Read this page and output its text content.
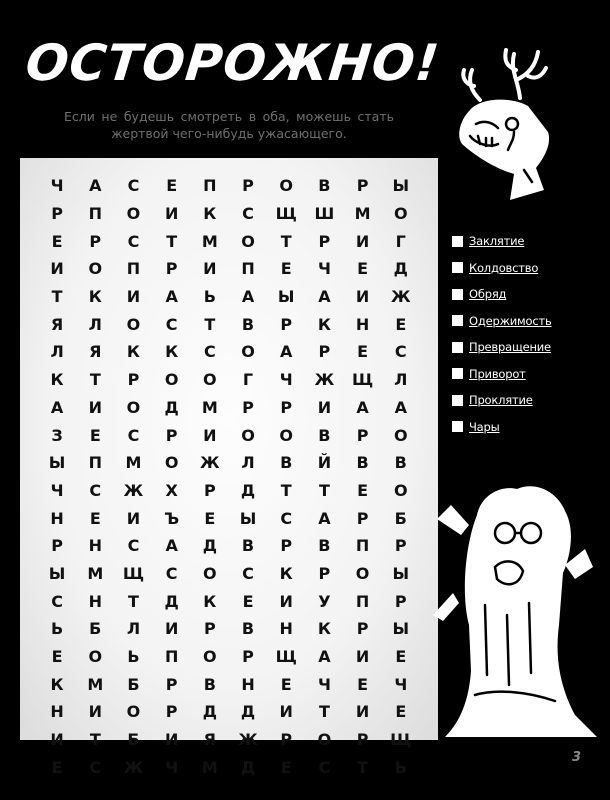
ОСТОРОЖНО!
Если не будешь смотреть в оба, можешь стать жертвой чего-нибудь ужасающего.
Ч	А	С	Е	П	Р	О	В	Р	Ы
Р	П	О	И	К	С	Щ	Ш	М	О
Е	Р	С	Т	М	О	Т	Р	И	Г
И	О	П	Р	И	П	Е	Ч	Е	Д
Т	К	И	А	Ь	А	Ы	А	И	Ж
Я	Л	О	С	Т	В	Р	К	Н	Е
Л	Я	К	К	С	О	А	Р	Е	С
К	Т	Р	О	О	Г	Ч	Ж	Щ	Л
А	И	О	Д	М	Р	Р	И	А	А
З	Е	С	Р	И	О	О	В	Р	О
Ы	П	М	О	Ж	Л	В	Й	В	В
Ч	С	Ж	Х	Р	Д	Т	Т	Е	О
Н	Е	И	Ъ	Е	Ы	С	А	Р	Б
Р	Н	С	А	Д	В	Р	В	П	Р
Ы	М	Щ	С	О	С	К	Р	О	Ы
С	Н	Т	Д	К	Е	И	У	П	Р
Ь	Б	Л	И	Р	В	Н	К	Р	Ы
Е	О	Ь	П	О	Р	Щ	А	И	Е
К	М	Б	Р	В	Н	Е	Ч	Е	Ч
Н	И	О	Р	Д	Д	И	Т	И	Е
И	Т	Б	И	Я	Ж	Р	О	Р	Щ
Е	С	Ж	Ч	М	Д	Е	С	Т	Ь
Заклятие
Колдовство
Обряд
Одержимость
Превращение
Приворот
Проклятие
Чары
3
